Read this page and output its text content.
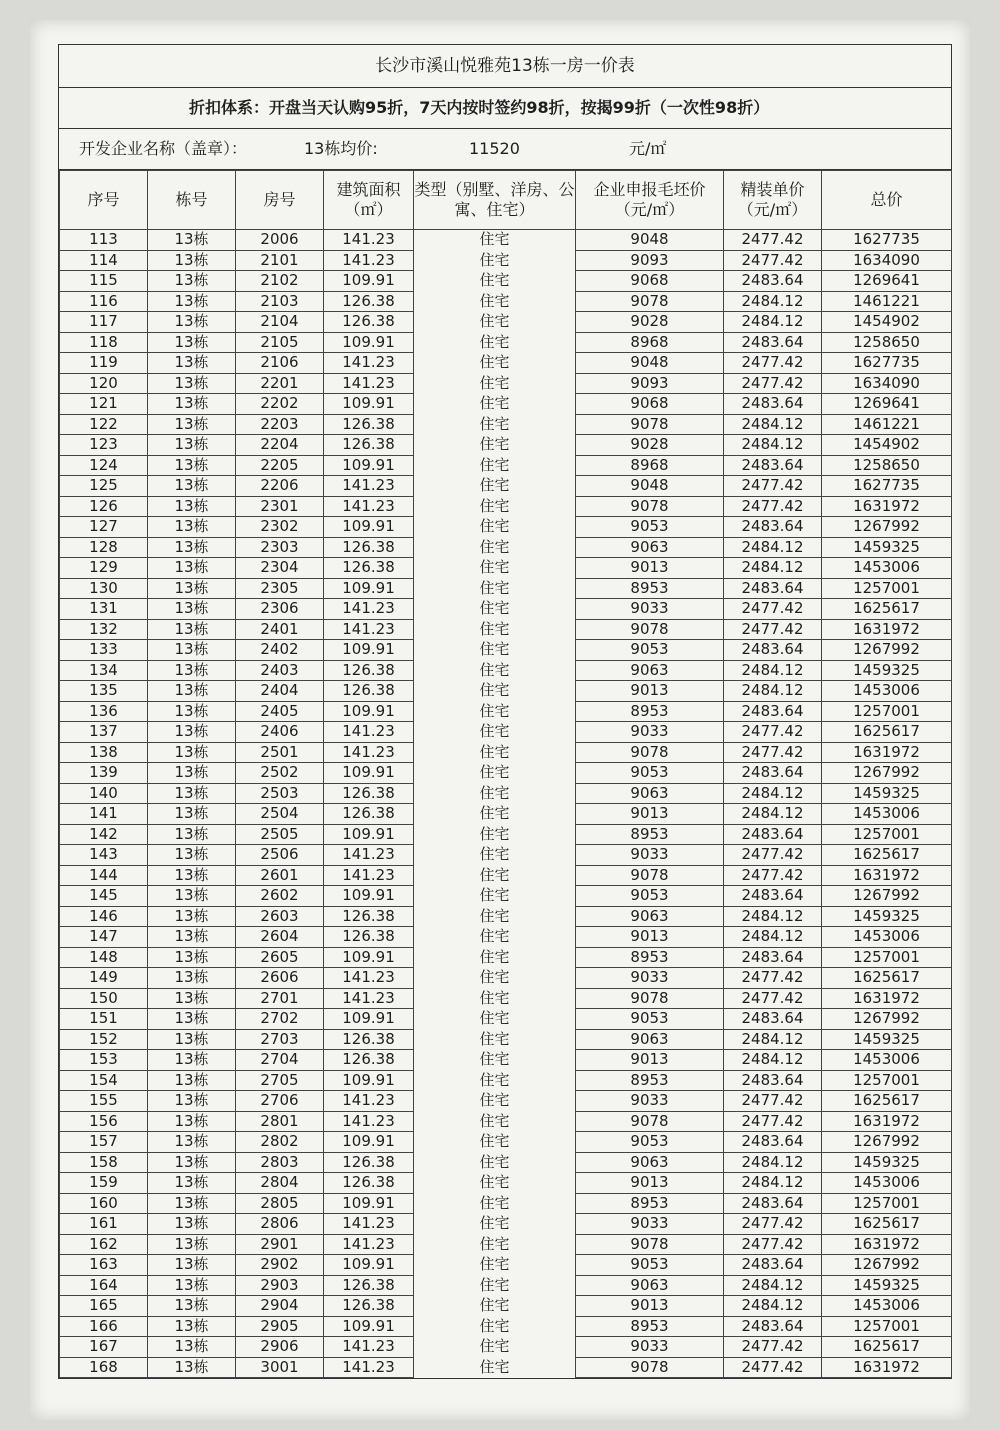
长沙市溪山悦雅苑13栋一房一价表
折扣体系：开盘当天认购95折，7天内按时签约98折，按揭99折（一次性98折）
开发企业名称（盖章）：	13栋均价:	11520	元/㎡
序号	栋号	房号	建筑面积（㎡）	类型（别墅、洋房、公寓、住宅）	企业申报毛坯价（元/㎡）	精装单价（元/㎡）	总价
113	13栋	2006	141.23	住宅	9048	2477.42	1627735
114	13栋	2101	141.23	住宅	9093	2477.42	1634090
115	13栋	2102	109.91	住宅	9068	2483.64	1269641
116	13栋	2103	126.38	住宅	9078	2484.12	1461221
117	13栋	2104	126.38	住宅	9028	2484.12	1454902
118	13栋	2105	109.91	住宅	8968	2483.64	1258650
119	13栋	2106	141.23	住宅	9048	2477.42	1627735
120	13栋	2201	141.23	住宅	9093	2477.42	1634090
121	13栋	2202	109.91	住宅	9068	2483.64	1269641
122	13栋	2203	126.38	住宅	9078	2484.12	1461221
123	13栋	2204	126.38	住宅	9028	2484.12	1454902
124	13栋	2205	109.91	住宅	8968	2483.64	1258650
125	13栋	2206	141.23	住宅	9048	2477.42	1627735
126	13栋	2301	141.23	住宅	9078	2477.42	1631972
127	13栋	2302	109.91	住宅	9053	2483.64	1267992
128	13栋	2303	126.38	住宅	9063	2484.12	1459325
129	13栋	2304	126.38	住宅	9013	2484.12	1453006
130	13栋	2305	109.91	住宅	8953	2483.64	1257001
131	13栋	2306	141.23	住宅	9033	2477.42	1625617
132	13栋	2401	141.23	住宅	9078	2477.42	1631972
133	13栋	2402	109.91	住宅	9053	2483.64	1267992
134	13栋	2403	126.38	住宅	9063	2484.12	1459325
135	13栋	2404	126.38	住宅	9013	2484.12	1453006
136	13栋	2405	109.91	住宅	8953	2483.64	1257001
137	13栋	2406	141.23	住宅	9033	2477.42	1625617
138	13栋	2501	141.23	住宅	9078	2477.42	1631972
139	13栋	2502	109.91	住宅	9053	2483.64	1267992
140	13栋	2503	126.38	住宅	9063	2484.12	1459325
141	13栋	2504	126.38	住宅	9013	2484.12	1453006
142	13栋	2505	109.91	住宅	8953	2483.64	1257001
143	13栋	2506	141.23	住宅	9033	2477.42	1625617
144	13栋	2601	141.23	住宅	9078	2477.42	1631972
145	13栋	2602	109.91	住宅	9053	2483.64	1267992
146	13栋	2603	126.38	住宅	9063	2484.12	1459325
147	13栋	2604	126.38	住宅	9013	2484.12	1453006
148	13栋	2605	109.91	住宅	8953	2483.64	1257001
149	13栋	2606	141.23	住宅	9033	2477.42	1625617
150	13栋	2701	141.23	住宅	9078	2477.42	1631972
151	13栋	2702	109.91	住宅	9053	2483.64	1267992
152	13栋	2703	126.38	住宅	9063	2484.12	1459325
153	13栋	2704	126.38	住宅	9013	2484.12	1453006
154	13栋	2705	109.91	住宅	8953	2483.64	1257001
155	13栋	2706	141.23	住宅	9033	2477.42	1625617
156	13栋	2801	141.23	住宅	9078	2477.42	1631972
157	13栋	2802	109.91	住宅	9053	2483.64	1267992
158	13栋	2803	126.38	住宅	9063	2484.12	1459325
159	13栋	2804	126.38	住宅	9013	2484.12	1453006
160	13栋	2805	109.91	住宅	8953	2483.64	1257001
161	13栋	2806	141.23	住宅	9033	2477.42	1625617
162	13栋	2901	141.23	住宅	9078	2477.42	1631972
163	13栋	2902	109.91	住宅	9053	2483.64	1267992
164	13栋	2903	126.38	住宅	9063	2484.12	1459325
165	13栋	2904	126.38	住宅	9013	2484.12	1453006
166	13栋	2905	109.91	住宅	8953	2483.64	1257001
167	13栋	2906	141.23	住宅	9033	2477.42	1625617
168	13栋	3001	141.23	住宅	9078	2477.42	1631972
